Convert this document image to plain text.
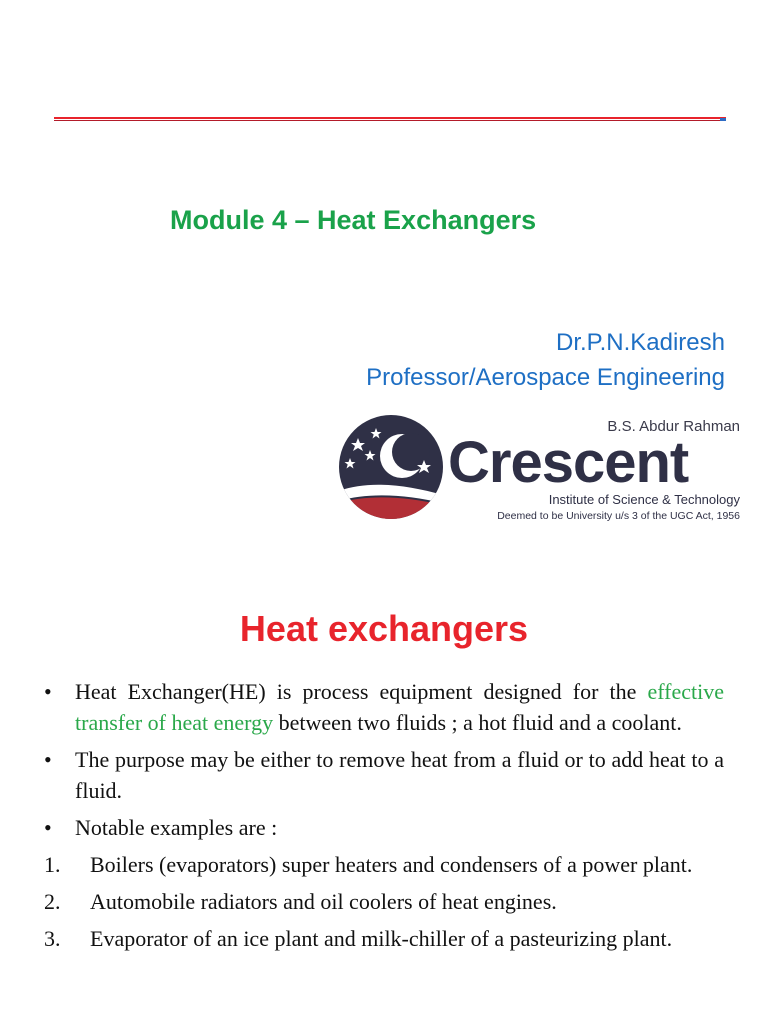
Module 4 – Heat Exchangers
Dr.P.N.Kadiresh
Professor/Aerospace Engineering
B.S. Abdur Rahman
Crescent
Institute of Science & Technology
Deemed to be University u/s 3 of the UGC Act, 1956
Heat exchangers
• Heat Exchanger(HE) is process equipment designed for the effective transfer of heat energy between two fluids ; a hot fluid and a coolant.
• The purpose may be either to remove heat from a fluid or to add heat to a fluid.
• Notable examples are :
1. Boilers (evaporators) super heaters and condensers of a power plant.
2. Automobile radiators and oil coolers of heat engines.
3. Evaporator of an ice plant and milk-chiller of a pasteurizing plant.
